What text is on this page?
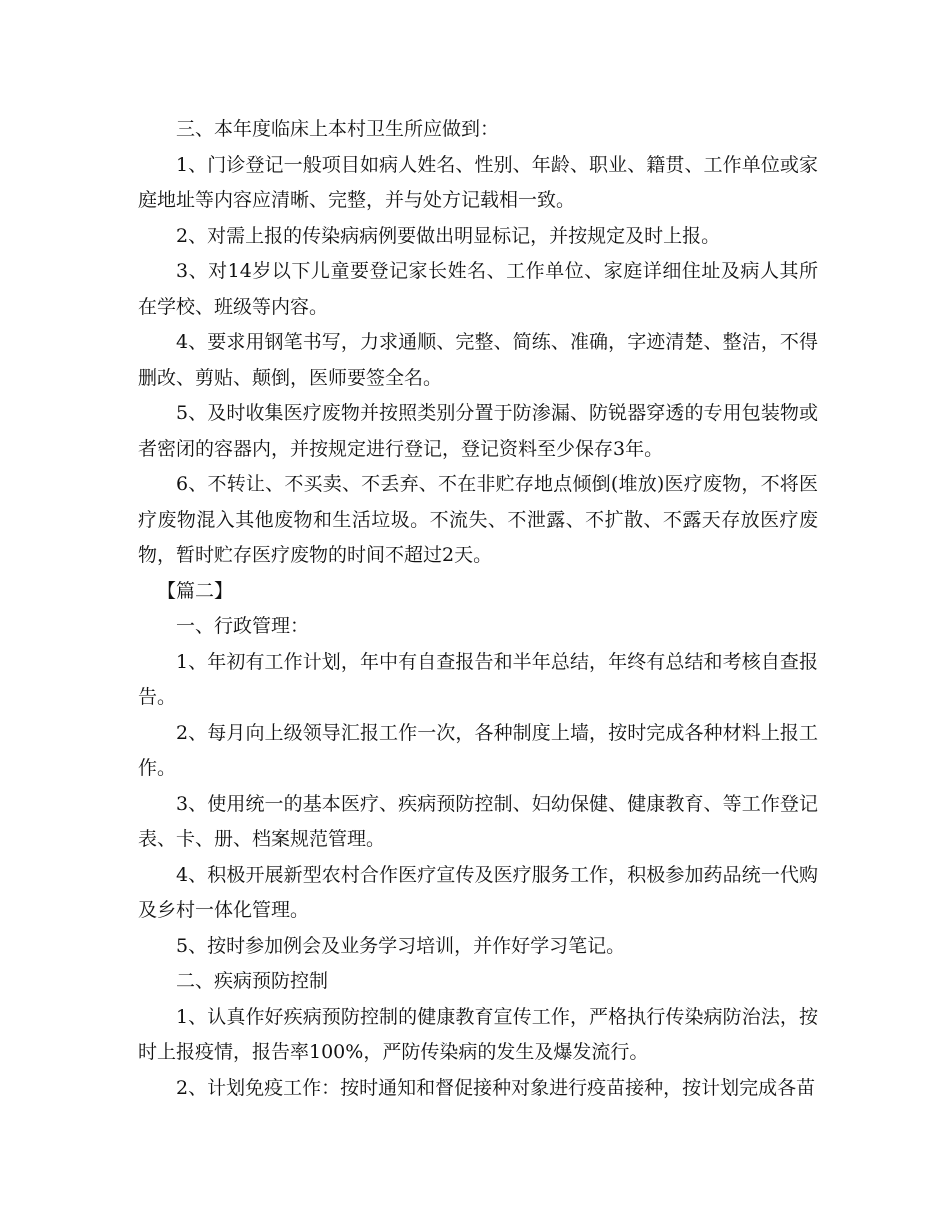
三、本年度临床上本村卫生所应做到：

1、门诊登记一般项目如病人姓名、性别、年龄、职业、籍贯、工作单位或家庭地址等内容应清晰、完整，并与处方记载相一致。

2、对需上报的传染病病例要做出明显标记，并按规定及时上报。

3、对14岁以下儿童要登记家长姓名、工作单位、家庭详细住址及病人其所在学校、班级等内容。

4、要求用钢笔书写，力求通顺、完整、简练、准确，字迹清楚、整洁，不得删改、剪贴、颠倒，医师要签全名。

5、及时收集医疗废物并按照类别分置于防渗漏、防锐器穿透的专用包装物或者密闭的容器内，并按规定进行登记，登记资料至少保存3年。

6、不转让、不买卖、不丢弃、不在非贮存地点倾倒(堆放)医疗废物，不将医疗废物混入其他废物和生活垃圾。不流失、不泄露、不扩散、不露天存放医疗废物，暂时贮存医疗废物的时间不超过2天。

【篇二】

一、行政管理：

1、年初有工作计划，年中有自查报告和半年总结，年终有总结和考核自查报告。

2、每月向上级领导汇报工作一次，各种制度上墙，按时完成各种材料上报工作。

3、使用统一的基本医疗、疾病预防控制、妇幼保健、健康教育、等工作登记表、卡、册、档案规范管理。

4、积极开展新型农村合作医疗宣传及医疗服务工作，积极参加药品统一代购及乡村一体化管理。

5、按时参加例会及业务学习培训，并作好学习笔记。

二、疾病预防控制

1、认真作好疾病预防控制的健康教育宣传工作，严格执行传染病防治法，按时上报疫情，报告率100%，严防传染病的发生及爆发流行。

2、计划免疫工作：按时通知和督促接种对象进行疫苗接种，按计划完成各苗
